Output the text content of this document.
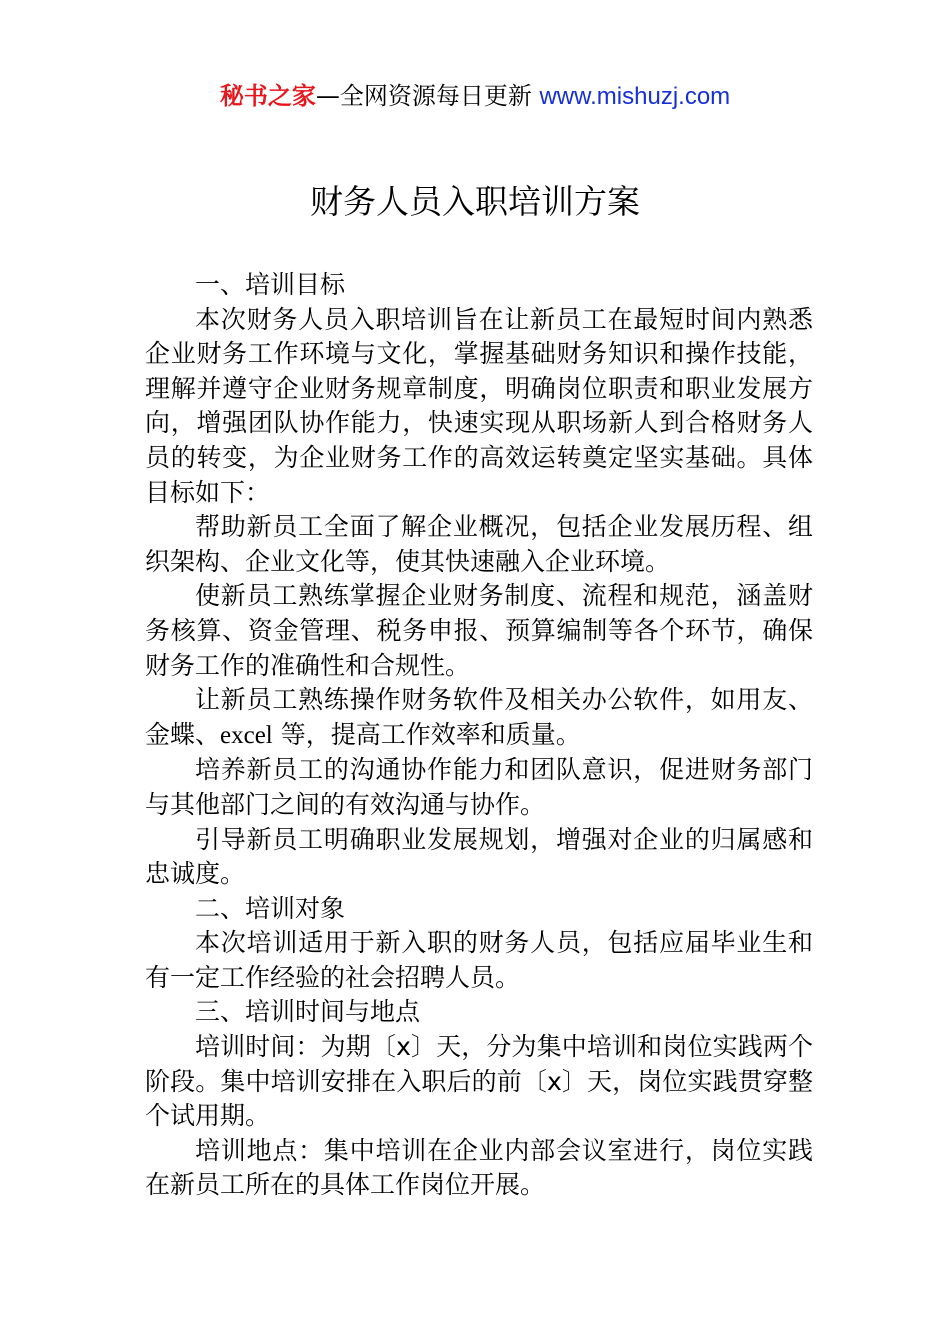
秘书之家—全网资源每日更新 www.mishuzj.com
财务人员入职培训方案

一、培训目标

本次财务人员入职培训旨在让新员工在最短时间内熟悉企业财务工作环境与文化，掌握基础财务知识和操作技能，理解并遵守企业财务规章制度，明确岗位职责和职业发展方向，增强团队协作能力，快速实现从职场新人到合格财务人员的转变，为企业财务工作的高效运转奠定坚实基础。具体目标如下：

帮助新员工全面了解企业概况，包括企业发展历程、组织架构、企业文化等，使其快速融入企业环境。

使新员工熟练掌握企业财务制度、流程和规范，涵盖财务核算、资金管理、税务申报、预算编制等各个环节，确保财务工作的准确性和合规性。

让新员工熟练操作财务软件及相关办公软件，如用友、金蝶、excel 等，提高工作效率和质量。

培养新员工的沟通协作能力和团队意识，促进财务部门与其他部门之间的有效沟通与协作。

引导新员工明确职业发展规划，增强对企业的归属感和忠诚度。

二、培训对象

本次培训适用于新入职的财务人员，包括应届毕业生和有一定工作经验的社会招聘人员。

三、培训时间与地点

培训时间：为期〔x〕天，分为集中培训和岗位实践两个阶段。集中培训安排在入职后的前〔x〕天，岗位实践贯穿整个试用期。

培训地点：集中培训在企业内部会议室进行，岗位实践在新员工所在的具体工作岗位开展。
